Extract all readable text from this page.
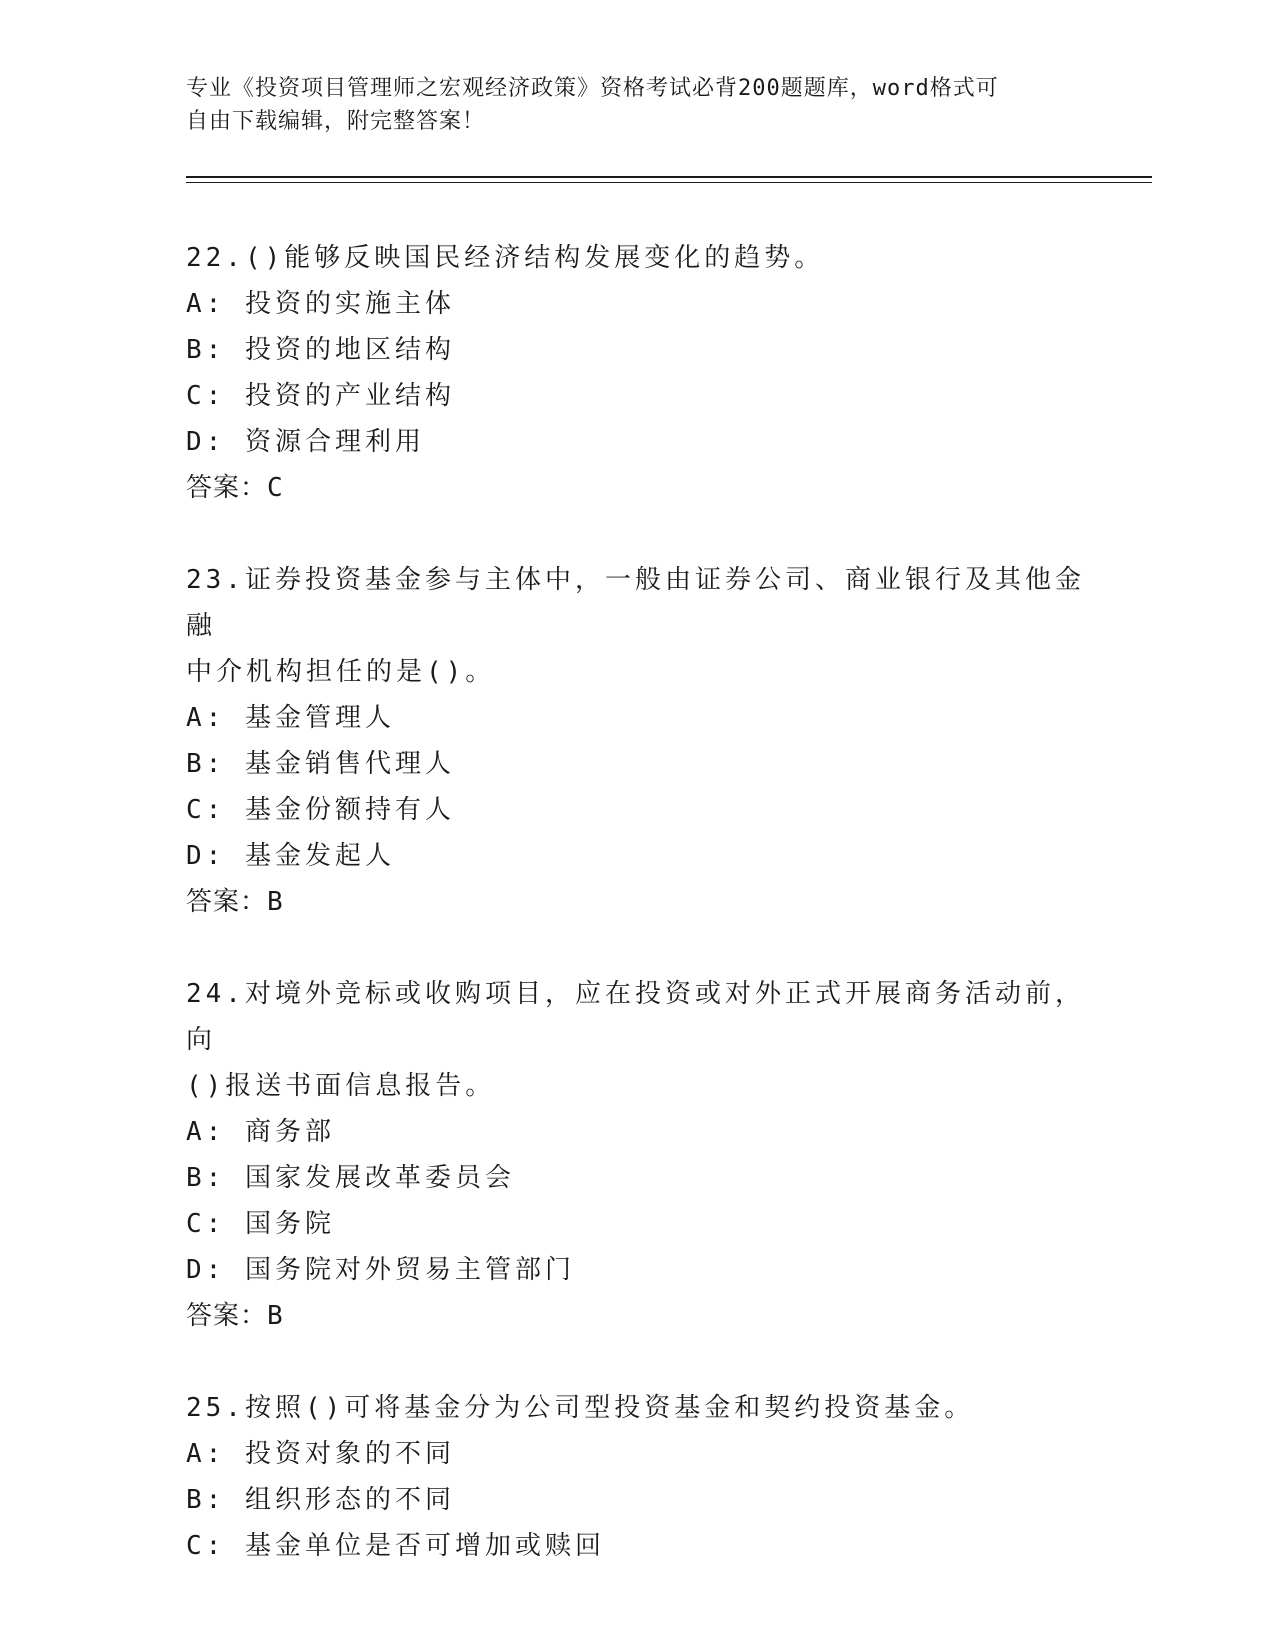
专业《投资项目管理师之宏观经济政策》资格考试必背200题题库，word格式可
自由下载编辑，附完整答案！

22.()能够反映国民经济结构发展变化的趋势。

A: 投资的实施主体

B: 投资的地区结构

C: 投资的产业结构

D: 资源合理利用

答案：C

23.证券投资基金参与主体中，一般由证券公司、商业银行及其他金融

中介机构担任的是()。

A: 基金管理人

B: 基金销售代理人

C: 基金份额持有人

D: 基金发起人

答案：B

24.对境外竞标或收购项目，应在投资或对外正式开展商务活动前，向

()报送书面信息报告。

A: 商务部

B: 国家发展改革委员会

C: 国务院

D: 国务院对外贸易主管部门

答案：B

25.按照()可将基金分为公司型投资基金和契约投资基金。

A: 投资对象的不同

B: 组织形态的不同

C: 基金单位是否可增加或赎回
